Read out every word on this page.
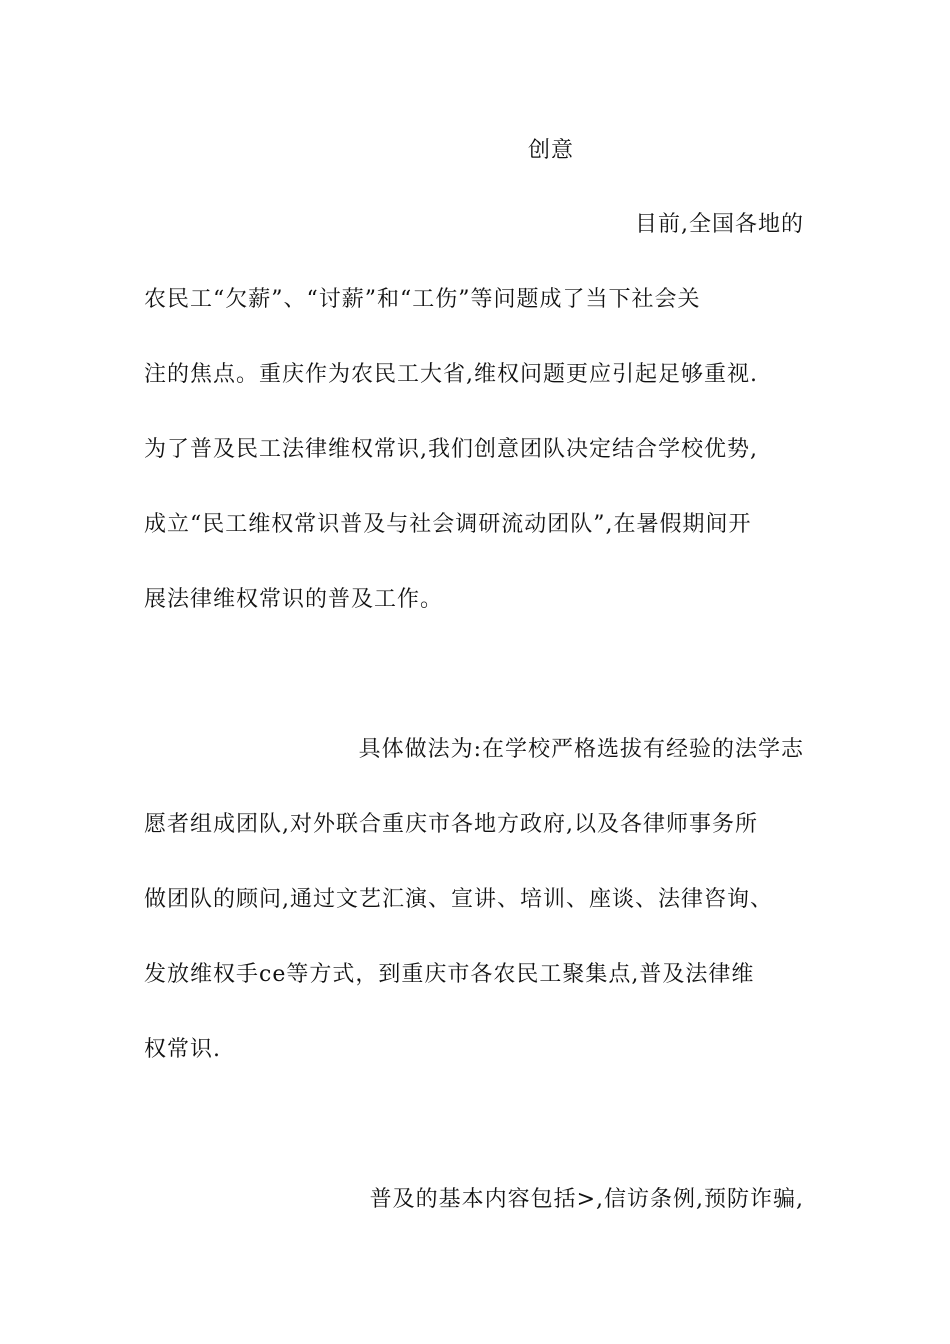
创意
目前,全国各地的
农民工“欠薪”、“讨薪”和“工伤”等问题成了当下社会关
注的焦点。重庆作为农民工大省,维权问题更应引起足够重视.
为了普及民工法律维权常识,我们创意团队决定结合学校优势,
成立“民工维权常识普及与社会调研流动团队”,在暑假期间开
展法律维权常识的普及工作。
具体做法为:在学校严格选拔有经验的法学志
愿者组成团队,对外联合重庆市各地方政府,以及各律师事务所
做团队的顾问,通过文艺汇演、宣讲、培训、座谈、法律咨询、
发放维权手ce等方式，到重庆市各农民工聚集点,普及法律维
权常识.
普及的基本内容包括>,信访条例,预防诈骗,
